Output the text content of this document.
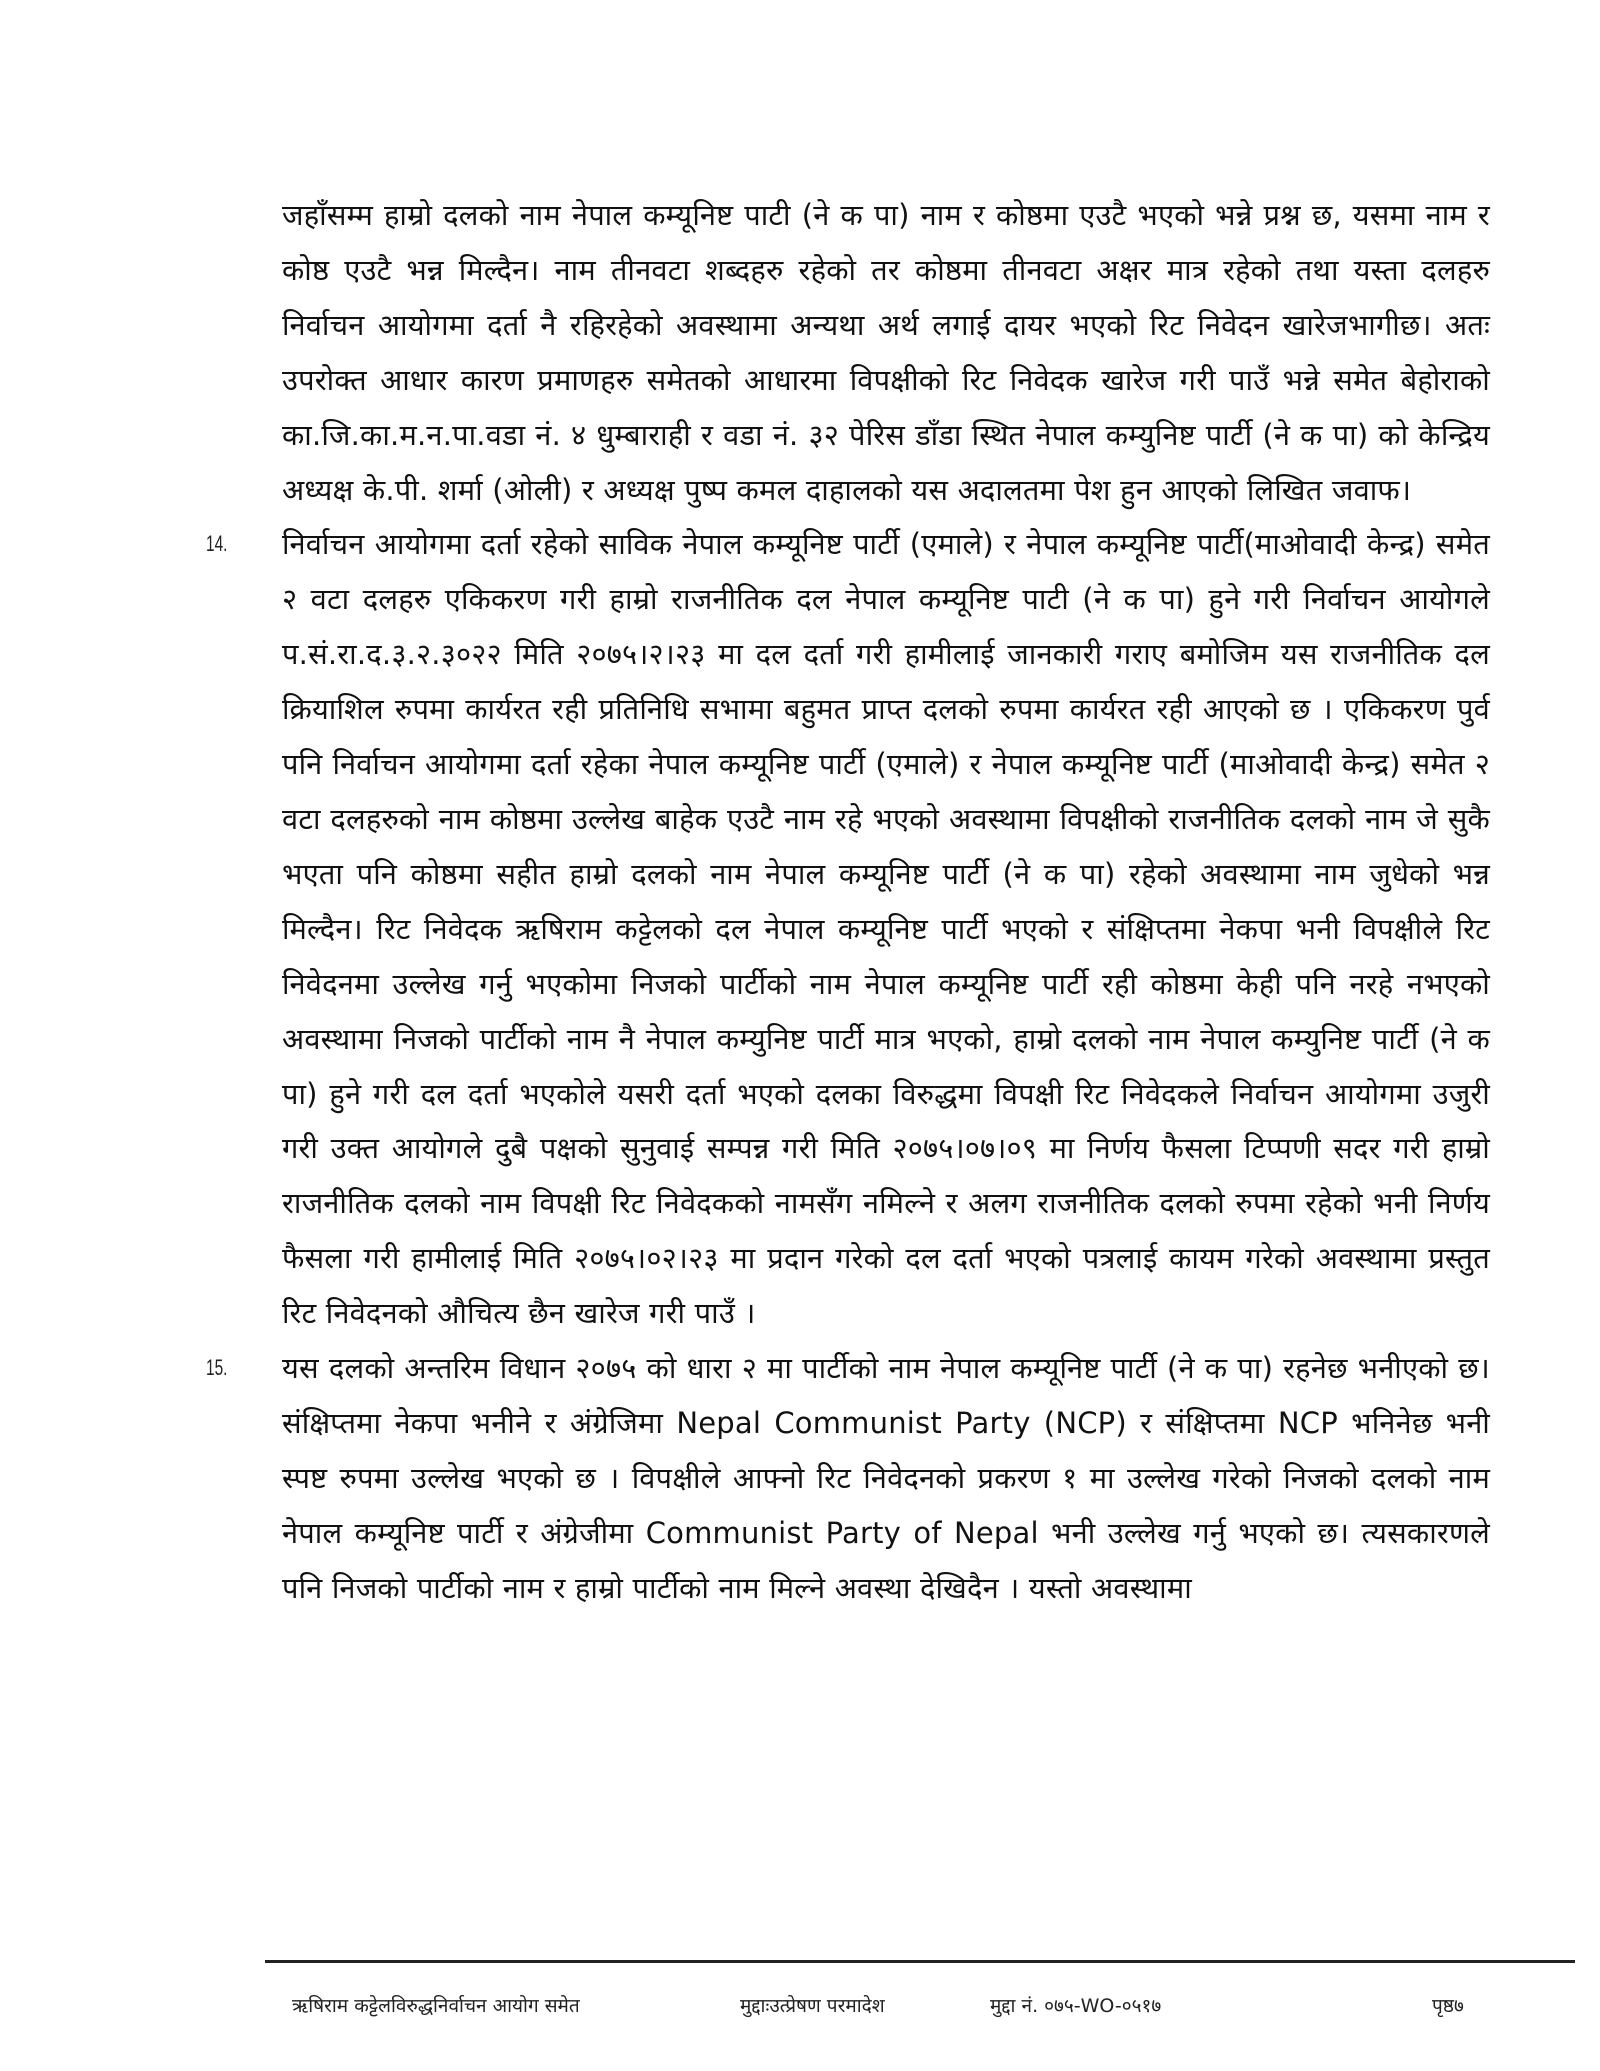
जहाँसम्म हाम्रो दलको नाम नेपाल कम्यूनिष्ट पाटी (ने क पा) नाम र कोष्ठमा एउटै भएको भन्ने प्रश्न छ, यसमा नाम र कोष्ठ एउटै भन्न मिल्दैन। नाम तीनवटा शब्दहरु रहेको तर कोष्ठमा तीनवटा अक्षर मात्र रहेको तथा यस्ता दलहरु निर्वाचन आयोगमा दर्ता नै रहिरहेको अवस्थामा अन्यथा अर्थ लगाई दायर भएको रिट निवेदन खारेजभागीछ। अतः उपरोक्त आधार कारण प्रमाणहरु समेतको आधारमा विपक्षीको रिट निवेदक खारेज गरी पाउँ भन्ने समेत बेहोराको का.जि.का.म.न.पा.वडा नं. ४ धुम्बाराही र वडा नं. ३२ पेरिस डाँडा स्थित नेपाल कम्युनिष्ट पार्टी (ने क पा) को केन्द्रिय अध्यक्ष के.पी. शर्मा (ओली) र अध्यक्ष पुष्प कमल दाहालको यस अदालतमा पेश हुन आएको लिखित जवाफ।

14. निर्वाचन आयोगमा दर्ता रहेको साविक नेपाल कम्यूनिष्ट पार्टी (एमाले) र नेपाल कम्यूनिष्ट पार्टी(माओवादी केन्द्र) समेत २ वटा दलहरु एकिकरण गरी हाम्रो राजनीतिक दल नेपाल कम्यूनिष्ट पाटी (ने क पा) हुने गरी निर्वाचन आयोगले प.सं.रा.द.३.२.३०२२ मिति २०७५।२।२३ मा दल दर्ता गरी हामीलाई जानकारी गराए बमोजिम यस राजनीतिक दल क्रियाशिल रुपमा कार्यरत रही प्रतिनिधि सभामा बहुमत प्राप्त दलको रुपमा कार्यरत रही आएको छ । एकिकरण पुर्व पनि निर्वाचन आयोगमा दर्ता रहेका नेपाल कम्यूनिष्ट पार्टी (एमाले) र नेपाल कम्यूनिष्ट पार्टी (माओवादी केन्द्र) समेत २ वटा दलहरुको नाम कोष्ठमा उल्लेख बाहेक एउटै नाम रहे भएको अवस्थामा विपक्षीको राजनीतिक दलको नाम जे सुकै भएता पनि कोष्ठमा सहीत हाम्रो दलको नाम नेपाल कम्यूनिष्ट पार्टी (ने क पा) रहेको अवस्थामा नाम जुधेको भन्न मिल्दैन। रिट निवेदक ऋषिराम कट्टेलको दल नेपाल कम्यूनिष्ट पार्टी भएको र संक्षिप्तमा नेकपा भनी विपक्षीले रिट निवेदनमा उल्लेख गर्नु भएकोमा निजको पार्टीको नाम नेपाल कम्यूनिष्ट पार्टी रही कोष्ठमा केही पनि नरहे नभएको अवस्थामा निजको पार्टीको नाम नै नेपाल कम्युनिष्ट पार्टी मात्र भएको, हाम्रो दलको नाम नेपाल कम्युनिष्ट पार्टी (ने क पा) हुने गरी दल दर्ता भएकोले यसरी दर्ता भएको दलका विरुद्धमा विपक्षी रिट निवेदकले निर्वाचन आयोगमा उजुरी गरी उक्त आयोगले दुबै पक्षको सुनुवाई सम्पन्न गरी मिति २०७५।०७।०९ मा निर्णय फैसला टिप्पणी सदर गरी हाम्रो राजनीतिक दलको नाम विपक्षी रिट निवेदकको नामसँग नमिल्ने र अलग राजनीतिक दलको रुपमा रहेको भनी निर्णय फैसला गरी हामीलाई मिति २०७५।०२।२३ मा प्रदान गरेको दल दर्ता भएको पत्रलाई कायम गरेको अवस्थामा प्रस्तुत रिट निवेदनको औचित्य छैन खारेज गरी पाउँ ।

15. यस दलको अन्तरिम विधान २०७५ को धारा २ मा पार्टीको नाम नेपाल कम्यूनिष्ट पार्टी (ने क पा) रहनेछ भनीएको छ। संक्षिप्तमा नेकपा भनीने र अंग्रेजिमा Nepal Communist Party (NCP) र संक्षिप्तमा NCP भनिनेछ भनी स्पष्ट रुपमा उल्लेख भएको छ । विपक्षीले आफ्नो रिट निवेदनको प्रकरण १ मा उल्लेख गरेको निजको दलको नाम नेपाल कम्यूनिष्ट पार्टी र अंग्रेजीमा Communist Party of Nepal भनी उल्लेख गर्नु भएको छ। त्यसकारणले पनि निजको पार्टीको नाम र हाम्रो पार्टीको नाम मिल्ने अवस्था देखिदैन । यस्तो अवस्थामा

ऋषिराम कट्टेलविरुद्धनिर्वाचन आयोग समेत	मुद्दाःउत्प्रेषण परमादेश	मुद्दा नं. ०७५-WO-०५१७	पृष्ठ७
